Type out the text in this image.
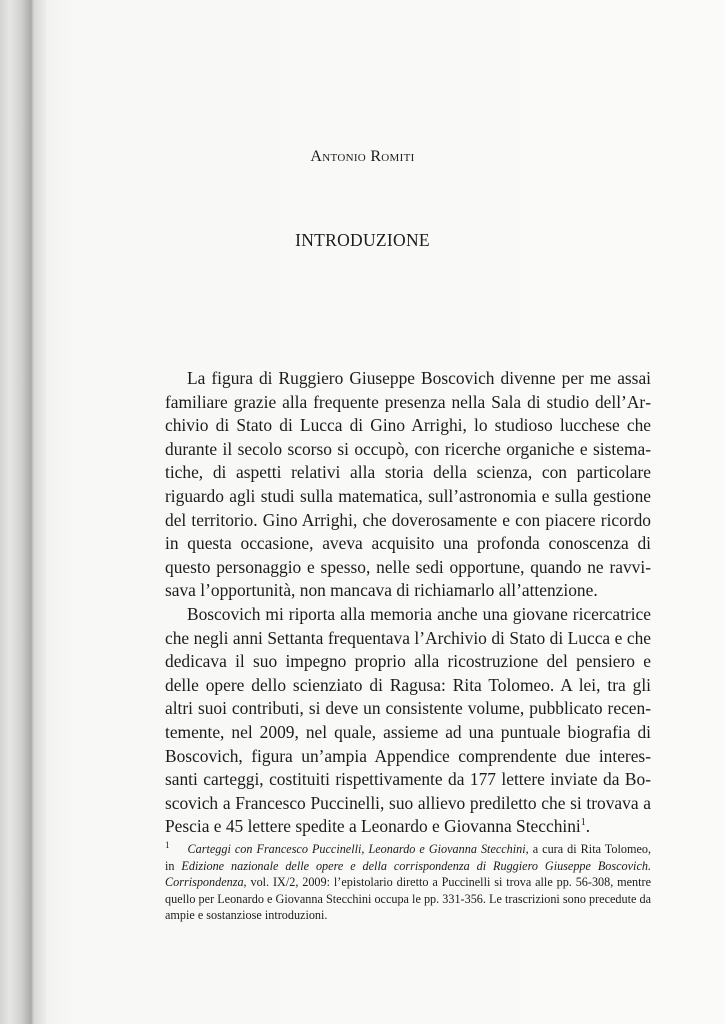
Antonio Romiti
INTRODUZIONE

La figura di Ruggiero Giuseppe Boscovich divenne per me assai familiare grazie alla frequente presenza nella Sala di studio dell’Archivio di Stato di Lucca di Gino Arrighi, lo studioso lucchese che durante il secolo scorso si occupò, con ricerche organiche e sistematiche, di aspetti relativi alla storia della scienza, con particolare riguardo agli studi sulla matematica, sull’astronomia e sulla gestione del territorio. Gino Arrighi, che doverosamente e con piacere ricordo in questa occasione, aveva acquisito una profonda conoscenza di questo personaggio e spesso, nelle sedi opportune, quando ne ravvisava l’opportunità, non mancava di richiamarlo all’attenzione.

Boscovich mi riporta alla memoria anche una giovane ricercatrice che negli anni Settanta frequentava l’Archivio di Stato di Lucca e che dedicava il suo impegno proprio alla ricostruzione del pensiero e delle opere dello scienziato di Ragusa: Rita Tolomeo. A lei, tra gli altri suoi contributi, si deve un consistente volume, pubblicato recentemente, nel 2009, nel quale, assieme ad una puntuale biografia di Boscovich, figura un’ampia Appendice comprendente due interessanti carteggi, costituiti rispettivamente da 177 lettere inviate da Boscovich a Francesco Puccinelli, suo allievo prediletto che si trovava a Pescia e 45 lettere spedite a Leonardo e Giovanna Stecchini$^1$.

$^1$ Carteggi con Francesco Puccinelli, Leonardo e Giovanna Stecchini, a cura di Rita Tolomeo, in Edizione nazionale delle opere e della corrispondenza di Ruggiero Giuseppe Boscovich. Corrispondenza, vol. IX/2, 2009: l’epistolario diretto a Puccinelli si trova alle pp. 56-308, mentre quello per Leonardo e Giovanna Stecchini occupa le pp. 331-356. Le trascrizioni sono precedute da ampie e sostanziose introduzioni.
